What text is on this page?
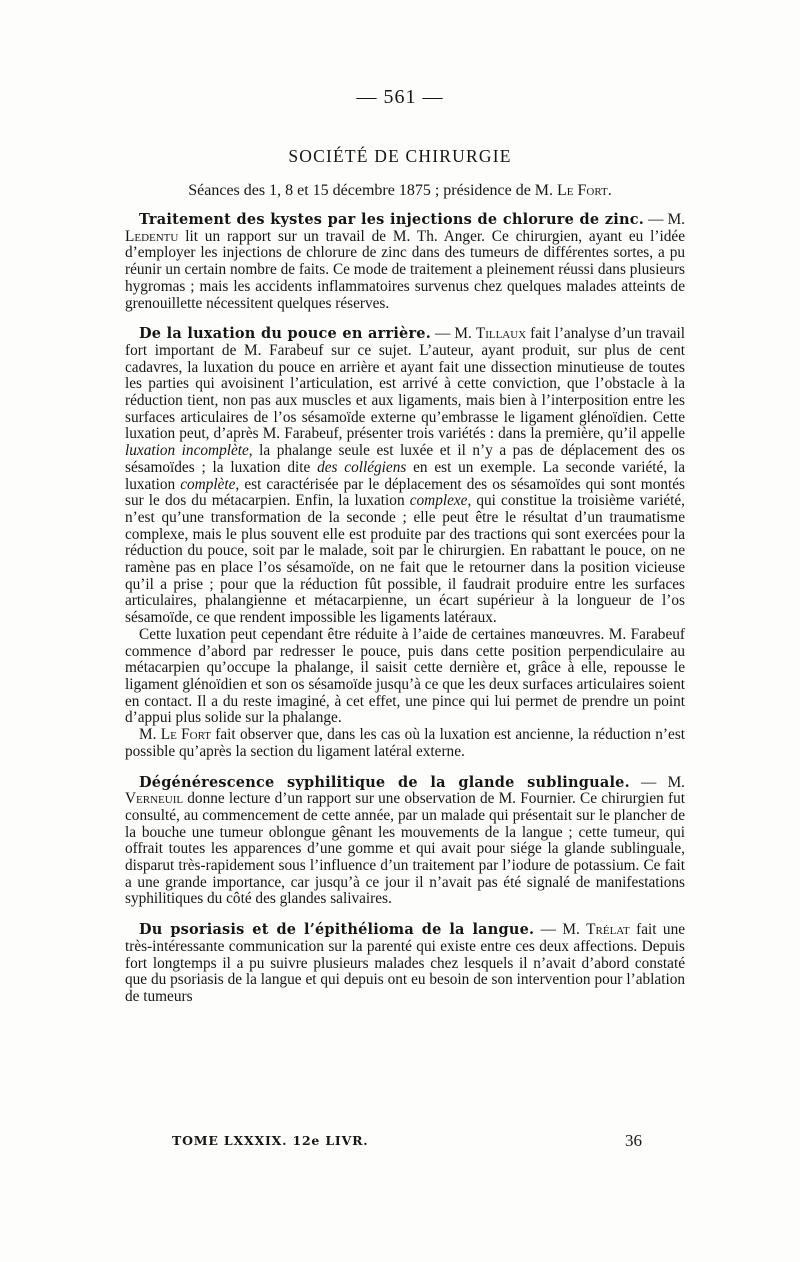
— 561 —
SOCIÉTÉ DE CHIRURGIE
Séances des 1, 8 et 15 décembre 1875 ; présidence de M. Le Fort.

Traitement des kystes par les injections de chlorure de zinc. — M. Ledentu lit un rapport sur un travail de M. Th. Anger. Ce chirurgien, ayant eu l’idée d’employer les injections de chlorure de zinc dans des tumeurs de différentes sortes, a pu réunir un certain nombre de faits. Ce mode de traitement a pleinement réussi dans plusieurs hygromas ; mais les accidents inflammatoires survenus chez quelques malades atteints de grenouillette nécessitent quelques réserves.

De la luxation du pouce en arrière. — M. Tillaux fait l’analyse d’un travail fort important de M. Farabeuf sur ce sujet. L’auteur, ayant produit, sur plus de cent cadavres, la luxation du pouce en arrière et ayant fait une dissection minutieuse de toutes les parties qui avoisinent l’articulation, est arrivé à cette conviction, que l’obstacle à la réduction tient, non pas aux muscles et aux ligaments, mais bien à l’interposition entre les surfaces articulaires de l’os sésamoïde externe qu’embrasse le ligament glénoïdien. Cette luxation peut, d’après M. Farabeuf, présenter trois variétés : dans la première, qu’il appelle luxation incomplète, la phalange seule est luxée et il n’y a pas de déplacement des os sésamoïdes ; la luxation dite des collégiens en est un exemple. La seconde variété, la luxation complète, est caractérisée par le déplacement des os sésamoïdes qui sont montés sur le dos du métacarpien. Enfin, la luxation complexe, qui constitue la troisième variété, n’est qu’une transformation de la seconde ; elle peut être le résultat d’un traumatisme complexe, mais le plus souvent elle est produite par des tractions qui sont exercées pour la réduction du pouce, soit par le malade, soit par le chirurgien. En rabattant le pouce, on ne ramène pas en place l’os sésamoïde, on ne fait que le retourner dans la position vicieuse qu’il a prise ; pour que la réduction fût possible, il faudrait produire entre les surfaces articulaires, phalangienne et métacarpienne, un écart supérieur à la longueur de l’os sésamoïde, ce que rendent impossible les ligaments latéraux.

Cette luxation peut cependant être réduite à l’aide de certaines manœuvres. M. Farabeuf commence d’abord par redresser le pouce, puis dans cette position perpendiculaire au métacarpien qu’occupe la phalange, il saisit cette dernière et, grâce à elle, repousse le ligament glénoïdien et son os sésamoïde jusqu’à ce que les deux surfaces articulaires soient en contact. Il a du reste imaginé, à cet effet, une pince qui lui permet de prendre un point d’appui plus solide sur la phalange.

M. Le Fort fait observer que, dans les cas où la luxation est ancienne, la réduction n’est possible qu’après la section du ligament latéral externe.

Dégénérescence syphilitique de la glande sublinguale. — M. Verneuil donne lecture d’un rapport sur une observation de M. Fournier. Ce chirurgien fut consulté, au commencement de cette année, par un malade qui présentait sur le plancher de la bouche une tumeur oblongue gênant les mouvements de la langue ; cette tumeur, qui offrait toutes les apparences d’une gomme et qui avait pour siége la glande sublinguale, disparut très-rapidement sous l’influence d’un traitement par l’iodure de potassium. Ce fait a une grande importance, car jusqu’à ce jour il n’avait pas été signalé de manifestations syphilitiques du côté des glandes salivaires.

Du psoriasis et de l’épithélioma de la langue. — M. Trélat fait une très-intéressante communication sur la parenté qui existe entre ces deux affections. Depuis fort longtemps il a pu suivre plusieurs malades chez lesquels il n’avait d’abord constaté que du psoriasis de la langue et qui depuis ont eu besoin de son intervention pour l’ablation de tumeurs

TOME LXXXIX. 12e LIVR.	36
